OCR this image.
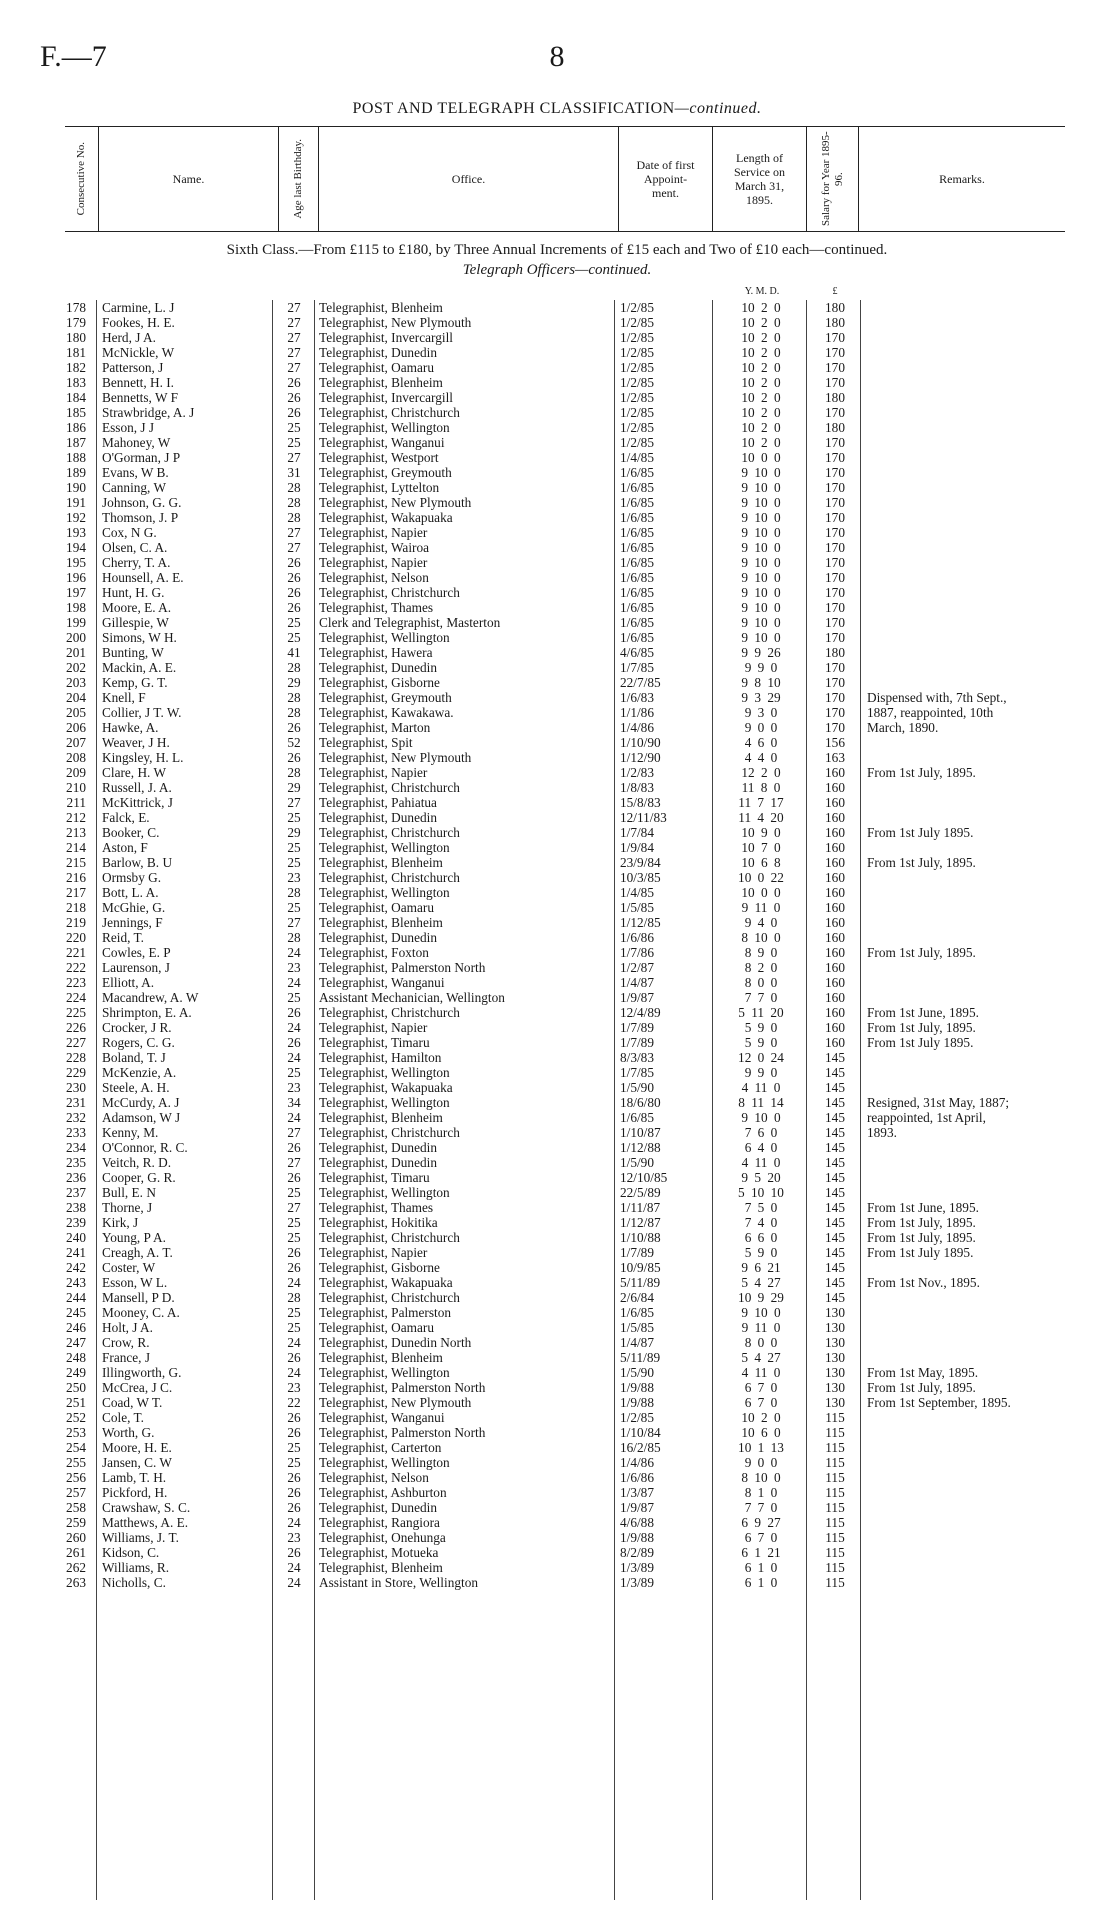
F.—7	8
POST AND TELEGRAPH CLASSIFICATION—continued.
Consecutive No.	Name.	Age last Birthday.	Office.
Date of first Appoint-ment.
Length of Service on March 31, 1895.	Salary for Year 1895-96.	Remarks.
Sixth Class.—From £115 to £180, by Three Annual Increments of £15 each and Two of £10 each—continued.
Telegraph Officers—continued.
Y. M. D.	£
178 Carmine, L. J	27	Telegraphist, Blenheim	1/2/85	10 2 0	180
179 Fookes, H. E.	27	Telegraphist, New Plymouth	1/2/85	10 2 0	180
180 Herd, J A.	27	Telegraphist, Invercargill	1/2/85	10 2 0	170
181 McNickle, W	27	Telegraphist, Dunedin	1/2/85	10 2 0	170
182 Patterson, J	27	Telegraphist, Oamaru	1/2/85	10 2 0	170
183 Bennett, H. I.	26	Telegraphist, Blenheim	1/2/85	10 2 0	170
184 Bennetts, W F	26	Telegraphist, Invercargill	1/2/85	10 2 0	180
185 Strawbridge, A. J	26	Telegraphist, Christchurch	1/2/85	10 2 0	170
186 Esson, J J	25	Telegraphist, Wellington	1/2/85	10 2 0	180
187 Mahoney, W	25	Telegraphist, Wanganui	1/2/85	10 2 0	170
188 O'Gorman, J P	27	Telegraphist, Westport	1/4/85	10 0 0	170
189 Evans, W B.	31	Telegraphist, Greymouth	1/6/85	9 10 0	170
190 Canning, W	28	Telegraphist, Lyttelton	1/6/85	9 10 0	170
191 Johnson, G. G.	28	Telegraphist, New Plymouth	1/6/85	9 10 0	170
192 Thomson, J. P	28	Telegraphist, Wakapuaka	1/6/85	9 10 0	170
193 Cox, N G.	27	Telegraphist, Napier	1/6/85	9 10 0	170
194 Olsen, C. A.	27	Telegraphist, Wairoa	1/6/85	9 10 0	170
195 Cherry, T. A.	26	Telegraphist, Napier	1/6/85	9 10 0	170
196 Hounsell, A. E.	26	Telegraphist, Nelson	1/6/85	9 10 0	170
197 Hunt, H. G.	26	Telegraphist, Christchurch	1/6/85	9 10 0	170
198 Moore, E. A.	26	Telegraphist, Thames	1/6/85	9 10 0	170
199 Gillespie, W	25	Clerk and Telegraphist, Masterton	1/6/85	9 10 0	170
200 Simons, W H.	25	Telegraphist, Wellington	1/6/85	9 10 0	170
201 Bunting, W	41	Telegraphist, Hawera	4/6/85	9 9 26	180
202 Mackin, A. E.	28	Telegraphist, Dunedin	1/7/85	9 9 0	170
203 Kemp, G. T.	29	Telegraphist, Gisborne	22/7/85	9 8 10	170
204 Knell, F	28	Telegraphist, Greymouth	1/6/83	9 3 29	170	Dispensed with, 7th Sept.,
205 Collier, J T. W.	28	Telegraphist, Kawakawa.	1/1/86	9 3 0	170	1887, reappointed, 10th
206 Hawke, A.	26	Telegraphist, Marton	1/4/86	9 0 0	170	March, 1890.
207 Weaver, J H.	52	Telegraphist, Spit	1/10/90	4 6 0	156
208 Kingsley, H. L.	26	Telegraphist, New Plymouth	1/12/90	4 4 0	163
209 Clare, H. W	28	Telegraphist, Napier	1/2/83	12 2 0	160	From 1st July, 1895.
210 Russell, J. A.	29	Telegraphist, Christchurch	1/8/83	11 8 0	160
211 McKittrick, J	27	Telegraphist, Pahiatua	15/8/83	11 7 17	160
212 Falck, E.	25	Telegraphist, Dunedin	12/11/83	11 4 20	160
213 Booker, C.	29	Telegraphist, Christchurch	1/7/84	10 9 0	160	From 1st July 1895.
214 Aston, F	25	Telegraphist, Wellington	1/9/84	10 7 0	160
215 Barlow, B. U	25	Telegraphist, Blenheim	23/9/84	10 6 8	160	From 1st July, 1895.
216 Ormsby G.	23	Telegraphist, Christchurch	10/3/85	10 0 22	160
217 Bott, L. A.	28	Telegraphist, Wellington	1/4/85	10 0 0	160
218 McGhie, G.	25	Telegraphist, Oamaru	1/5/85	9 11 0	160
219 Jennings, F	27	Telegraphist, Blenheim	1/12/85	9 4 0	160
220 Reid, T.	28	Telegraphist, Dunedin	1/6/86	8 10 0	160
221 Cowles, E. P	24	Telegraphist, Foxton	1/7/86	8 9 0	160	From 1st July, 1895.
222 Laurenson, J	23	Telegraphist, Palmerston North	1/2/87	8 2 0	160
223 Elliott, A.	24	Telegraphist, Wanganui	1/4/87	8 0 0	160
224 Macandrew, A. W	25	Assistant Mechanician, Wellington	1/9/87	7 7 0	160
225 Shrimpton, E. A.	26	Telegraphist, Christchurch	12/4/89	5 11 20	160	From 1st June, 1895.
226 Crocker, J R.	24	Telegraphist, Napier	1/7/89	5 9 0	160	From 1st July, 1895.
227 Rogers, C. G.	26	Telegraphist, Timaru	1/7/89	5 9 0	160	From 1st July 1895.
228 Boland, T. J	24	Telegraphist, Hamilton	8/3/83	12 0 24	145
229 McKenzie, A.	25	Telegraphist, Wellington	1/7/85	9 9 0	145
230 Steele, A. H.	23	Telegraphist, Wakapuaka	1/5/90	4 11 0	145
231 McCurdy, A. J	34	Telegraphist, Wellington	18/6/80	8 11 14	145	Resigned, 31st May, 1887;
232 Adamson, W J	24	Telegraphist, Blenheim	1/6/85	9 10 0	145	reappointed, 1st April,
233 Kenny, M.	27	Telegraphist, Christchurch	1/10/87	7 6 0	145	1893.
234 O'Connor, R. C.	26	Telegraphist, Dunedin	1/12/88	6 4 0	145
235 Veitch, R. D.	27	Telegraphist, Dunedin	1/5/90	4 11 0	145
236 Cooper, G. R.	26	Telegraphist, Timaru	12/10/85	9 5 20	145
237 Bull, E. N	25	Telegraphist, Wellington	22/5/89	5 10 10	145
238 Thorne, J	27	Telegraphist, Thames	1/11/87	7 5 0	145	From 1st June, 1895.
239 Kirk, J	25	Telegraphist, Hokitika	1/12/87	7 4 0	145	From 1st July, 1895.
240 Young, P A.	25	Telegraphist, Christchurch	1/10/88	6 6 0	145	From 1st July, 1895.
241 Creagh, A. T.	26	Telegraphist, Napier	1/7/89	5 9 0	145	From 1st July 1895.
242 Coster, W	26	Telegraphist, Gisborne	10/9/85	9 6 21	145
243 Esson, W L.	24	Telegraphist, Wakapuaka	5/11/89	5 4 27	145	From 1st Nov., 1895.
244 Mansell, P D.	28	Telegraphist, Christchurch	2/6/84	10 9 29	145
245 Mooney, C. A.	25	Telegraphist, Palmerston	1/6/85	9 10 0	130
246 Holt, J A.	25	Telegraphist, Oamaru	1/5/85	9 11 0	130
247 Crow, R.	24	Telegraphist, Dunedin North	1/4/87	8 0 0	130
248 France, J	26	Telegraphist, Blenheim	5/11/89	5 4 27	130
249 Illingworth, G.	24	Telegraphist, Wellington	1/5/90	4 11 0	130	From 1st May, 1895.
250 McCrea, J C.	23	Telegraphist, Palmerston North	1/9/88	6 7 0	130	From 1st July, 1895.
251 Coad, W T.	22	Telegraphist, New Plymouth	1/9/88	6 7 0	130	From 1st September, 1895.
252 Cole, T.	26	Telegraphist, Wanganui	1/2/85	10 2 0	115
253 Worth, G.	26	Telegraphist, Palmerston North	1/10/84	10 6 0	115
254 Moore, H. E.	25	Telegraphist, Carterton	16/2/85	10 1 13	115
255 Jansen, C. W	25	Telegraphist, Wellington	1/4/86	9 0 0	115
256 Lamb, T. H.	26	Telegraphist, Nelson	1/6/86	8 10 0	115
257 Pickford, H.	26	Telegraphist, Ashburton	1/3/87	8 1 0	115
258 Crawshaw, S. C.	26	Telegraphist, Dunedin	1/9/87	7 7 0	115
259 Matthews, A. E.	24	Telegraphist, Rangiora	4/6/88	6 9 27	115
260 Williams, J. T.	23	Telegraphist, Onehunga	1/9/88	6 7 0	115
261 Kidson, C.	26	Telegraphist, Motueka	8/2/89	6 1 21	115
262 Williams, R.	24	Telegraphist, Blenheim	1/3/89	6 1 0	115
263 Nicholls, C.	24	Assistant in Store, Wellington	1/3/89	6 1 0	115
